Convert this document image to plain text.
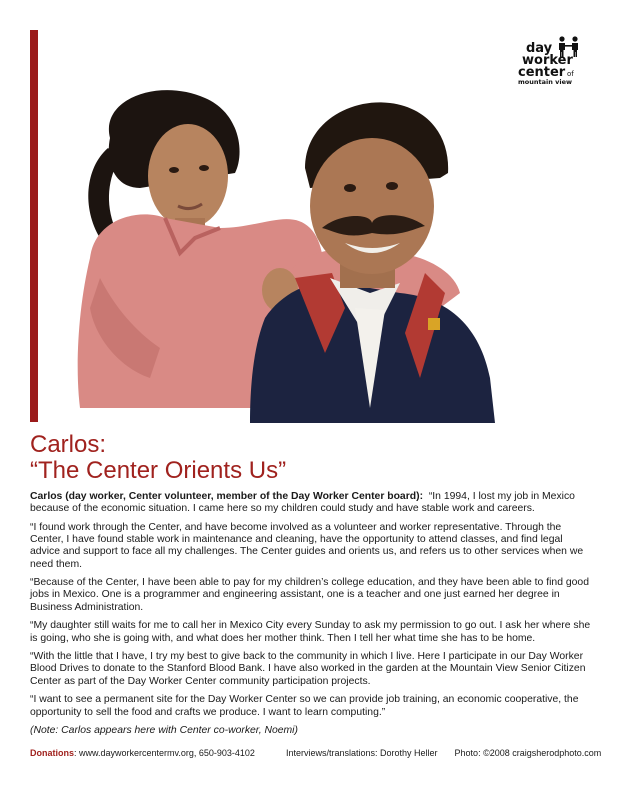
day
worker
center of
mountain view
Carlos:
“The Center Orients Us”

Carlos (day worker, Center volunteer, member of the Day Worker Center board): “In 1994, I lost my job in Mexico because of the economic situation. I came here so my children could study and have stable work and careers.

“I found work through the Center, and have become involved as a volunteer and worker representative. Through the Center, I have found stable work in maintenance and cleaning, have the opportunity to attend classes, and find legal advice and support to face all my challenges. The Center guides and orients us, and refers us to other services when we need them.

“Because of the Center, I have been able to pay for my children’s college education, and they have been able to find good jobs in Mexico. One is a programmer and engineering assistant, one is a teacher and one just earned her degree in Business Administration.

“My daughter still waits for me to call her in Mexico City every Sunday to ask my permission to go out. I ask her where she is going, who she is going with, and what does her mother think. Then I tell her what time she has to be home.

“With the little that I have, I try my best to give back to the community in which I live. Here I participate in our Day Worker Blood Drives to donate to the Stanford Blood Bank. I have also worked in the garden at the Mountain View Senior Citizen Center as part of the Day Worker Center community participation projects.

“I want to see a permanent site for the Day Worker Center so we can provide job training, an economic cooperative, the opportunity to sell the food and crafts we produce. I want to learn computing.”

(Note: Carlos appears here with Center co-worker, Noemi)

Donations: www.dayworkercentermv.org, 650-903-4102	Interviews/translations: Dorothy Heller Photo: ©2008 craigsherodphoto.com
